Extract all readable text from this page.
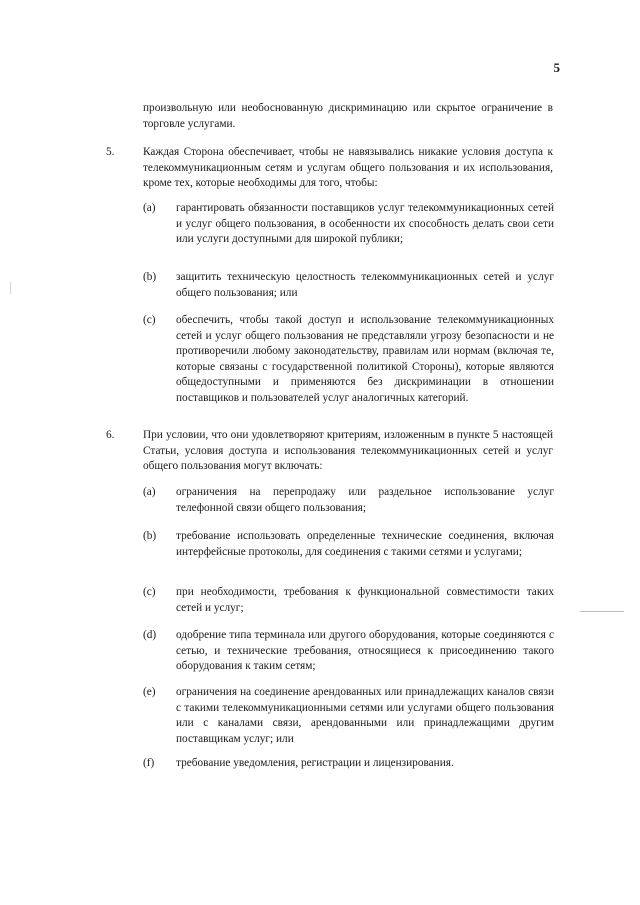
5

произвольную или необоснованную дискриминацию или скрытое ограничение в торговле услугами.

5.	Каждая Сторона обеспечивает, чтобы не навязывались никакие условия доступа к телекоммуникационным сетям и услугам общего пользования и их использования, кроме тех, которые необходимы для того, чтобы:

(a) гарантировать обязанности поставщиков услуг телекоммуникационных сетей и услуг общего пользования, в особенности их способность делать свои сети или услуги доступными для широкой публики;

(b) защитить техническую целостность телекоммуникационных сетей и услуг общего пользования; или

(c) обеспечить, чтобы такой доступ и использование телекоммуникационных сетей и услуг общего пользования не представляли угрозу безопасности и не противоречили любому законодательству, правилам или нормам (включая те, которые связаны с государственной политикой Стороны), которые являются общедоступными и применяются без дискриминации в отношении поставщиков и пользователей услуг аналогичных категорий.

6.	При условии, что они удовлетворяют критериям, изложенным в пункте 5 настоящей Статьи, условия доступа и использования телекоммуникационных сетей и услуг общего пользования могут включать:

(a) ограничения на перепродажу или раздельное использование услуг телефонной связи общего пользования;

(b) требование использовать определенные технические соединения, включая интерфейсные протоколы, для соединения с такими сетями и услугами;

(c) при необходимости, требования к функциональной совместимости таких сетей и услуг;

(d) одобрение типа терминала или другого оборудования, которые соединяются с сетью, и технические требования, относящиеся к присоединению такого оборудования к таким сетям;

(e) ограничения на соединение арендованных или принадлежащих каналов связи с такими телекоммуникационными сетями или услугами общего пользования или с каналами связи, арендованными или принадлежащими другим поставщикам услуг; или

(f) требование уведомления, регистрации и лицензирования.
